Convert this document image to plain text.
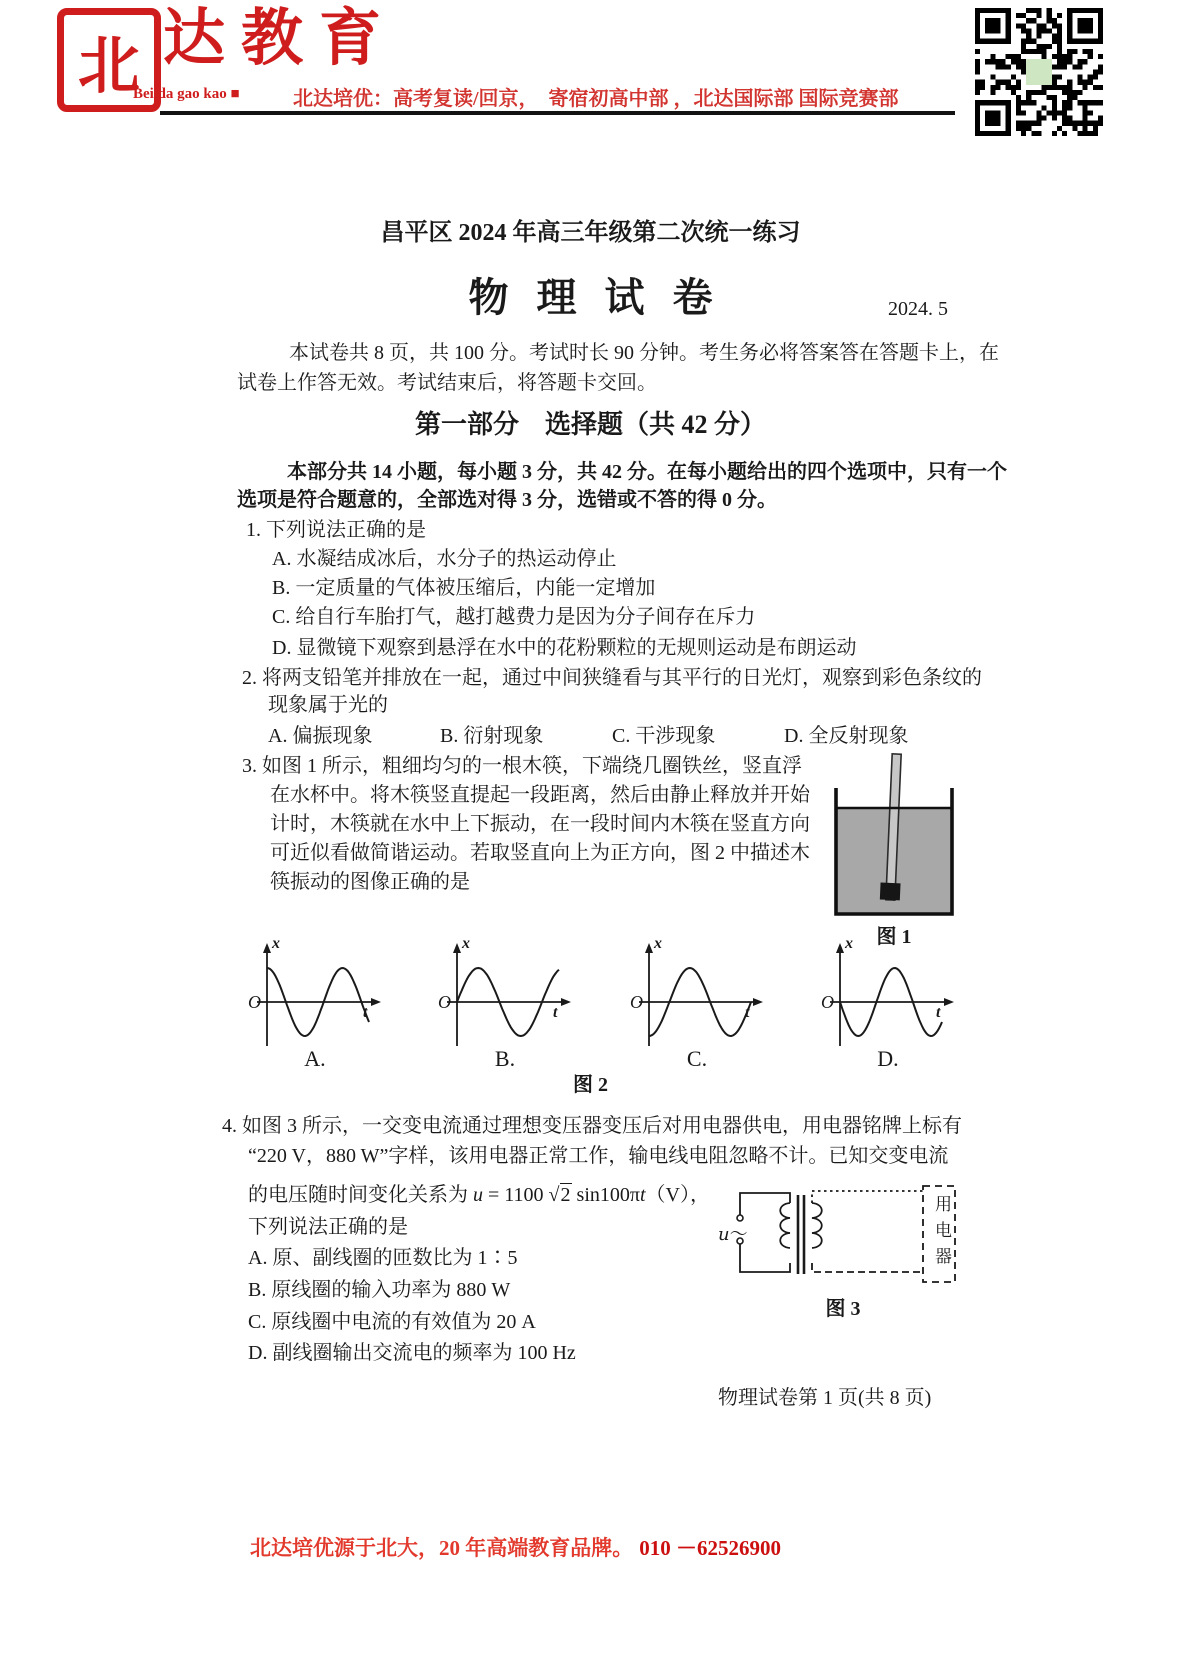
北 达教育
Bei da gao kao ■	北达培优：高考复读/回京，　寄宿初高中部 ，北达国际部 国际竞赛部
昌平区 2024 年高三年级第二次统一练习
物理试卷	2024. 5
本试卷共 8 页，共 100 分。考试时长 90 分钟。考生务必将答案答在答题卡上，在
试卷上作答无效。考试结束后，将答题卡交回。
第一部分　选择题（共 42 分）
本部分共 14 小题，每小题 3 分，共 42 分。在每小题给出的四个选项中，只有一个
选项是符合题意的，全部选对得 3 分，选错或不答的得 0 分。
1. 下列说法正确的是
A. 水凝结成冰后，水分子的热运动停止
B. 一定质量的气体被压缩后，内能一定增加
C. 给自行车胎打气，越打越费力是因为分子间存在斥力
D. 显微镜下观察到悬浮在水中的花粉颗粒的无规则运动是布朗运动
2. 将两支铅笔并排放在一起，通过中间狭缝看与其平行的日光灯，观察到彩色条纹的
现象属于光的
A. 偏振现象	B. 衍射现象	C. 干涉现象	D. 全反射现象
3. 如图 1 所示，粗细均匀的一根木筷，下端绕几圈铁丝，竖直浮
在水杯中。将木筷竖直提起一段距离，然后由静止释放并开始
计时，木筷就在水中上下振动，在一段时间内木筷在竖直方向
可近似看做简谐运动。若取竖直向上为正方向，图 2 中描述木
筷振动的图像正确的是
图 1
x
O
t
x
O
t
x
O
t
x
O
t
A.	B.	C.	D.
图 2
4. 如图 3 所示，一交变电流通过理想变压器变压后对用电器供电，用电器铭牌上标有
“220 V，880 W”字样，该用电器正常工作，输电线电阻忽略不计。已知交变电流
的电压随时间变化关系为 u = 1100 √2 sin100πt（V），
下列说法正确的是
A. 原、副线圈的匝数比为 1∶5
B. 原线圈的输入功率为 880 W
C. 原线圈中电流的有效值为 20 A
D. 副线圈输出交流电的频率为 100 Hz
u～	用电器
图 3
物理试卷第 1 页(共 8 页)
北达培优源于北大，20 年高端教育品牌。 010 －62526900
